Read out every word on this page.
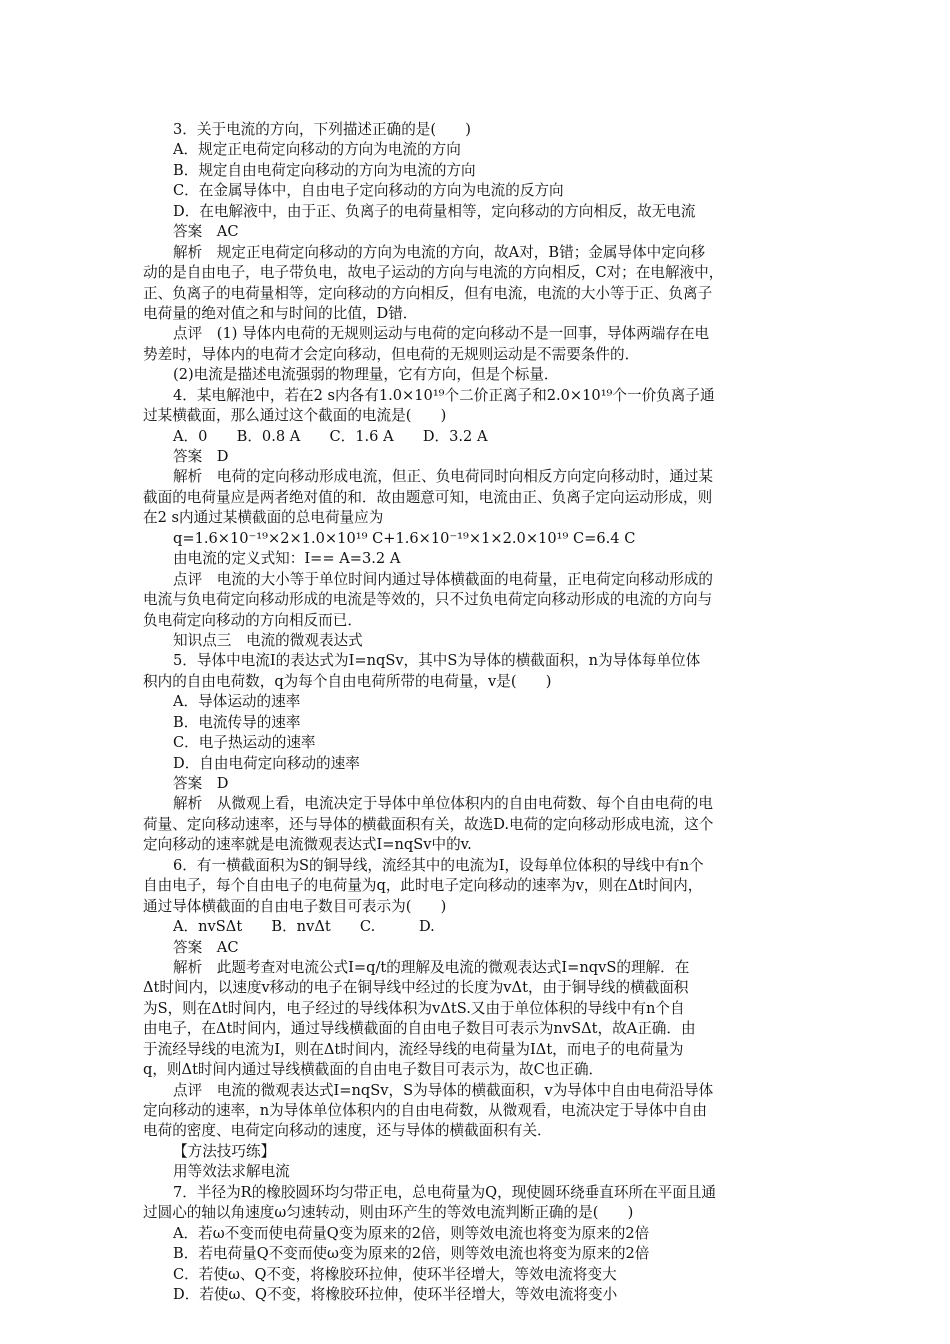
3．关于电流的方向，下列描述正确的是(　　)
A．规定正电荷定向移动的方向为电流的方向
B．规定自由电荷定向移动的方向为电流的方向
C．在金属导体中，自由电子定向移动的方向为电流的反方向
D．在电解液中，由于正、负离子的电荷量相等，定向移动的方向相反，故无电流
答案　AC
解析　规定正电荷定向移动的方向为电流的方向，故A对，B错；金属导体中定向移
动的是自由电子，电子带负电，故电子运动的方向与电流的方向相反，C对；在电解液中，
正、负离子的电荷量相等，定向移动的方向相反，但有电流，电流的大小等于正、负离子
电荷量的绝对值之和与时间的比值，D错．
点评　(1) 导体内电荷的无规则运动与电荷的定向移动不是一回事，导体两端存在电
势差时，导体内的电荷才会定向移动，但电荷的无规则运动是不需要条件的．
(2)电流是描述电流强弱的物理量，它有方向，但是个标量．
4．某电解池中，若在2 s内各有1.0×10¹⁹个二价正离子和2.0×10¹⁹个一价负离子通
过某横截面，那么通过这个截面的电流是(　　)
A．0　　B．0.8 A　　C．1.6 A　　D．3.2 A
答案　D
解析　电荷的定向移动形成电流，但正、负电荷同时向相反方向定向移动时，通过某
截面的电荷量应是两者绝对值的和．故由题意可知，电流由正、负离子定向运动形成，则
在2 s内通过某横截面的总电荷量应为
q=1.6×10⁻¹⁹×2×1.0×10¹⁹ C+1.6×10⁻¹⁹×1×2.0×10¹⁹ C=6.4 C
由电流的定义式知：I== A=3.2 A
点评　电流的大小等于单位时间内通过导体横截面的电荷量，正电荷定向移动形成的
电流与负电荷定向移动形成的电流是等效的，只不过负电荷定向移动形成的电流的方向与
负电荷定向移动的方向相反而已．
知识点三　电流的微观表达式
5．导体中电流I的表达式为I=nqSv，其中S为导体的横截面积，n为导体每单位体
积内的自由电荷数，q为每个自由电荷所带的电荷量，v是(　　)
A．导体运动的速率
B．电流传导的速率
C．电子热运动的速率
D．自由电荷定向移动的速率
答案　D
解析　从微观上看，电流决定于导体中单位体积内的自由电荷数、每个自由电荷的电
荷量、定向移动速率，还与导体的横截面积有关，故选D.电荷的定向移动形成电流，这个
定向移动的速率就是电流微观表达式I=nqSv中的v.
6．有一横截面积为S的铜导线，流经其中的电流为I，设每单位体积的导线中有n个
自由电子，每个自由电子的电荷量为q，此时电子定向移动的速率为v，则在Δt时间内，
通过导体横截面的自由电子数目可表示为(　　)
A．nvSΔt　　B．nvΔt　　C.　　　D.
答案　AC
解析　此题考查对电流公式I=q/t的理解及电流的微观表达式I=nqvS的理解．在
Δt时间内，以速度v移动的电子在铜导线中经过的长度为vΔt，由于铜导线的横截面积
为S，则在Δt时间内，电子经过的导线体积为vΔtS.又由于单位体积的导线中有n个自
由电子，在Δt时间内，通过导线横截面的自由电子数目可表示为nvSΔt，故A正确．由
于流经导线的电流为I，则在Δt时间内，流经导线的电荷量为IΔt，而电子的电荷量为
q，则Δt时间内通过导线横截面的自由电子数目可表示为，故C也正确．
点评　电流的微观表达式I=nqSv，S为导体的横截面积，v为导体中自由电荷沿导体
定向移动的速率，n为导体单位体积内的自由电荷数，从微观看，电流决定于导体中自由
电荷的密度、电荷定向移动的速度，还与导体的横截面积有关．
【方法技巧练】
用等效法求解电流
7．半径为R的橡胶圆环均匀带正电，总电荷量为Q，现使圆环绕垂直环所在平面且通
过圆心的轴以角速度ω匀速转动，则由环产生的等效电流判断正确的是(　　)
A．若ω不变而使电荷量Q变为原来的2倍，则等效电流也将变为原来的2倍
B．若电荷量Q不变而使ω变为原来的2倍，则等效电流也将变为原来的2倍
C．若使ω、Q不变，将橡胶环拉伸，使环半径增大，等效电流将变大
D．若使ω、Q不变，将橡胶环拉伸，使环半径增大，等效电流将变小
